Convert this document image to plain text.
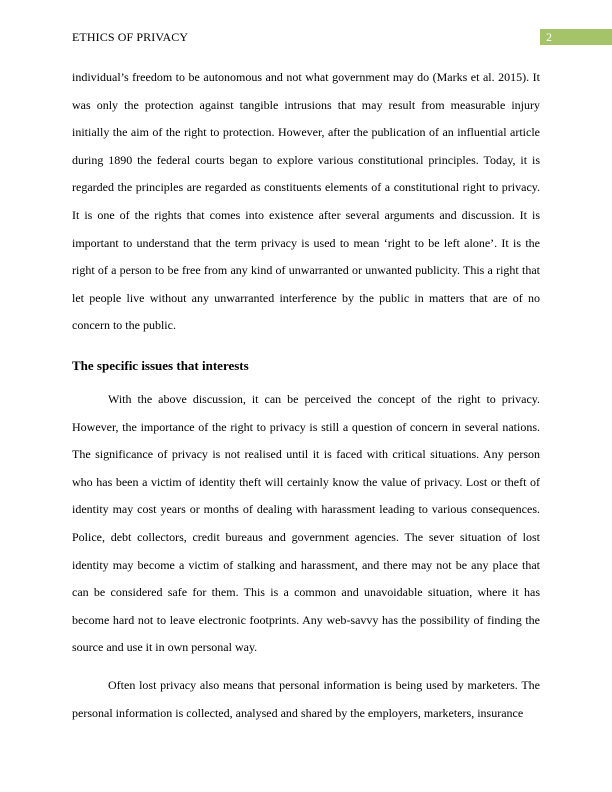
ETHICS OF PRIVACY	2

individual’s freedom to be autonomous and not what government may do (Marks et al. 2015). It was only the protection against tangible intrusions that may result from measurable injury initially the aim of the right to protection. However, after the publication of an influential article during 1890 the federal courts began to explore various constitutional principles. Today, it is regarded the principles are regarded as constituents elements of a constitutional right to privacy. It is one of the rights that comes into existence after several arguments and discussion. It is important to understand that the term privacy is used to mean ‘right to be left alone’. It is the right of a person to be free from any kind of unwarranted or unwanted publicity. This a right that let people live without any unwarranted interference by the public in matters that are of no concern to the public.

The specific issues that interests

With the above discussion, it can be perceived the concept of the right to privacy. However, the importance of the right to privacy is still a question of concern in several nations. The significance of privacy is not realised until it is faced with critical situations. Any person who has been a victim of identity theft will certainly know the value of privacy. Lost or theft of identity may cost years or months of dealing with harassment leading to various consequences. Police, debt collectors, credit bureaus and government agencies. The sever situation of lost identity may become a victim of stalking and harassment, and there may not be any place that can be considered safe for them. This is a common and unavoidable situation, where it has become hard not to leave electronic footprints. Any web-savvy has the possibility of finding the source and use it in own personal way.

Often lost privacy also means that personal information is being used by marketers. The personal information is collected, analysed and shared by the employers, marketers, insurance
